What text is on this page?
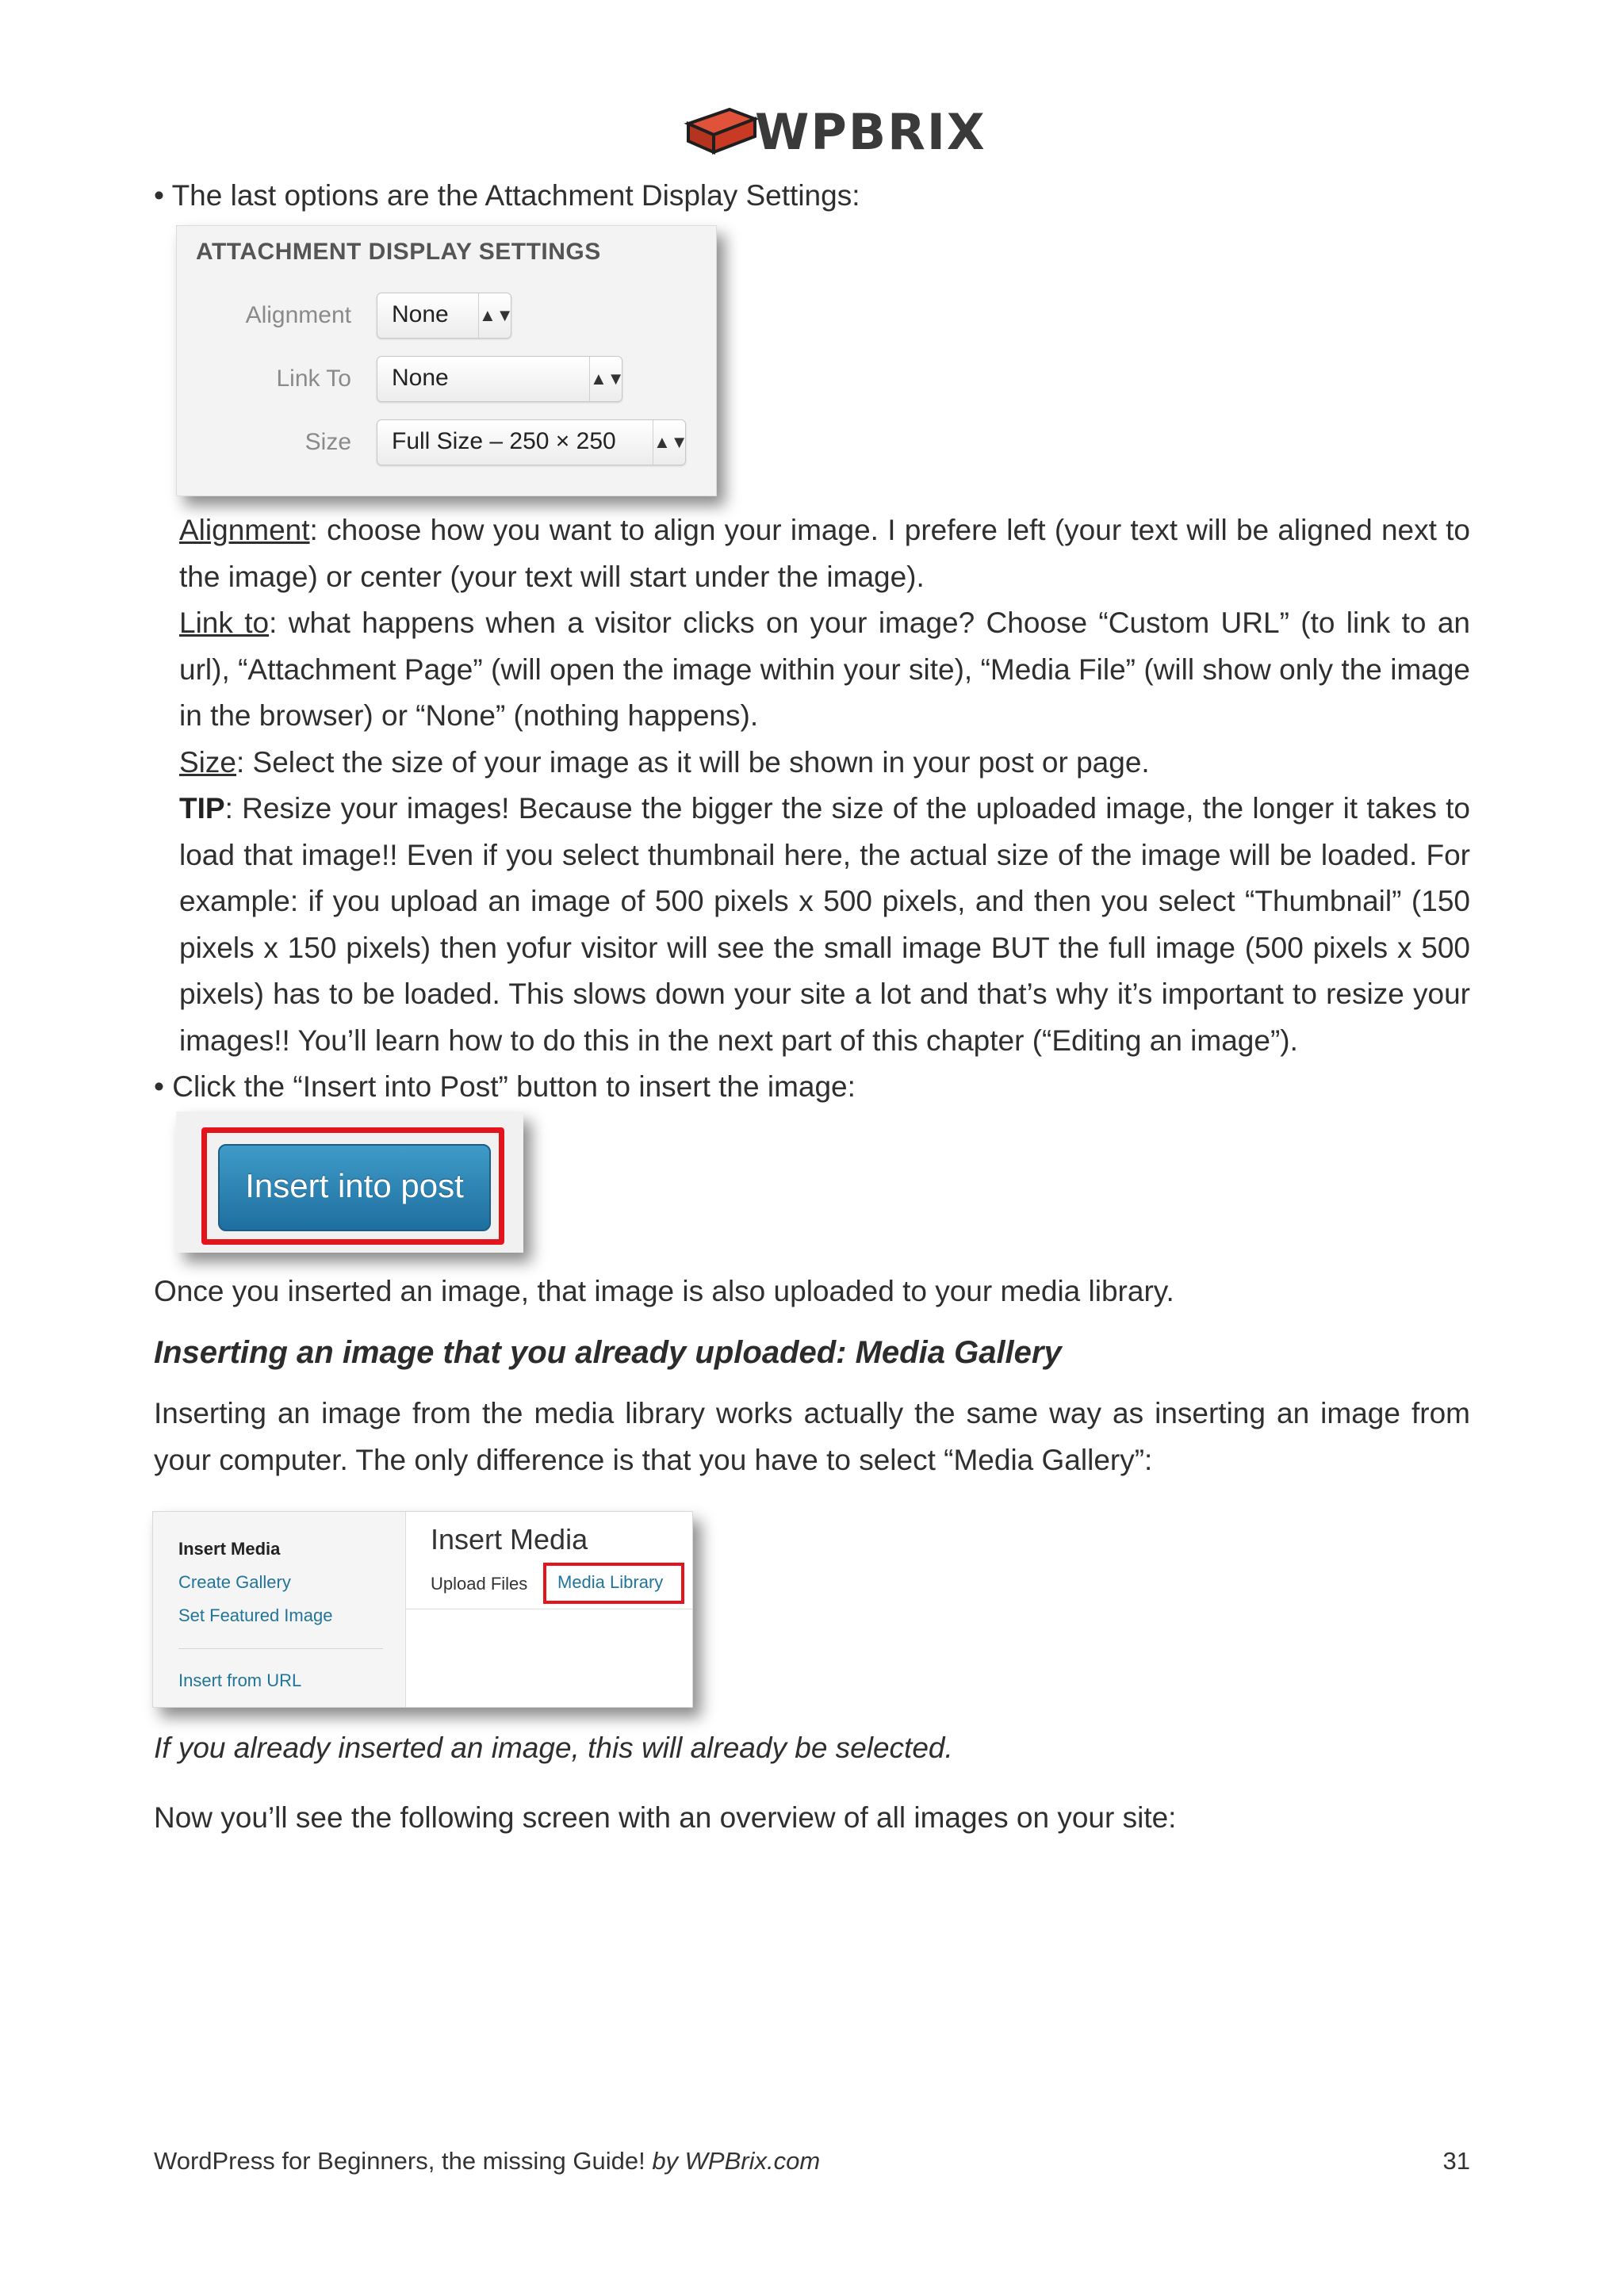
WPBRIX
• The last options are the Attachment Display Settings:
ATTACHMENT DISPLAY SETTINGS
Alignment None ▲▼
Link To None	▲▼
Size Full Size – 250 × 250 ▲▼

Alignment: choose how you want to align your image. I prefere left (your text will be aligned next to the image) or center (your text will start under the image).

Link to: what happens when a visitor clicks on your image? Choose “Custom URL” (to link to an url), “Attachment Page” (will open the image within your site), “Media File” (will show only the image in the browser) or “None” (nothing happens).

Size: Select the size of your image as it will be shown in your post or page.

TIP: Resize your images! Because the bigger the size of the uploaded image, the longer it takes to load that image!! Even if you select thumbnail here, the actual size of the image will be loaded. For example: if you upload an image of 500 pixels x 500 pixels, and then you select “Thumbnail” (150 pixels x 150 pixels) then yofur visitor will see the small image BUT the full image (500 pixels x 500 pixels) has to be loaded. This slows down your site a lot and that’s why it’s important to resize your images!! You’ll learn how to do this in the next part of this chapter (“Editing an image”).

• Click the “Insert into Post” button to insert the image:
Insert into post
Once you inserted an image, that image is also uploaded to your media library.
Inserting an image that you already uploaded: Media Gallery
Inserting an image from the media library works actually the same way as inserting an image from your computer. The only difference is that you have to select “Media Gallery”:
Insert Media
Create Gallery
Set Featured Image
Insert from URL
Insert Media
Upload Files Media Library
If you already inserted an image, this will already be selected.
Now you’ll see the following screen with an overview of all images on your site:
WordPress for Beginners, the missing Guide! by WPBrix.com	31
